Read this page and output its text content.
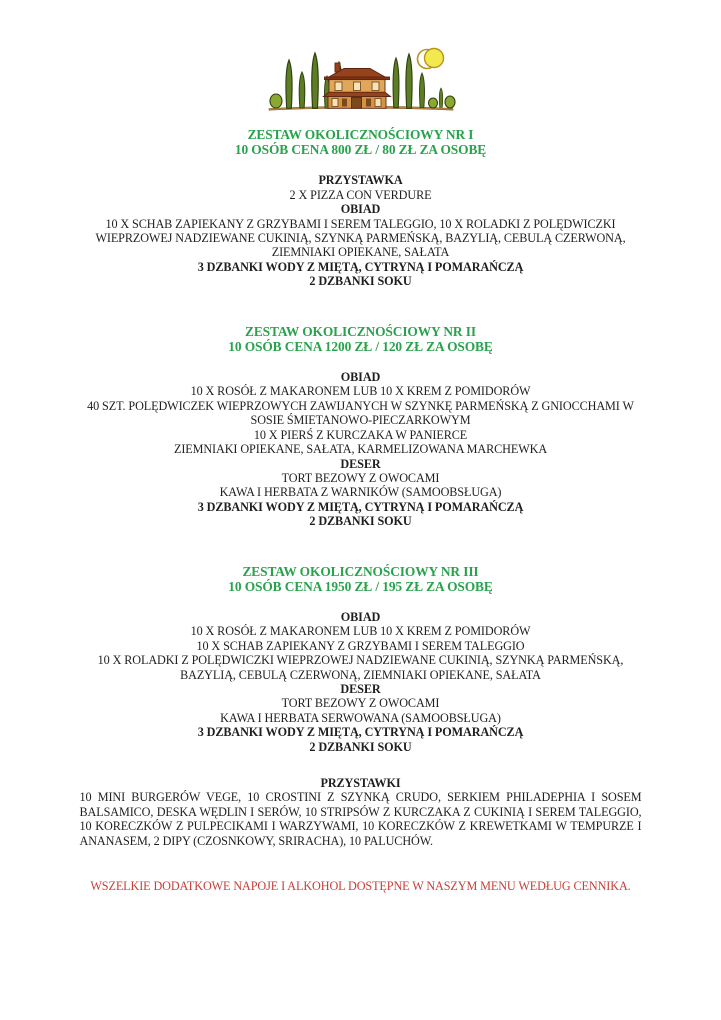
ZESTAW OKOLICZNOŚCIOWY NR I
10 OSÓB CENA 800 ZŁ / 80 ZŁ ZA OSOBĘ
PRZYSTAWKA
2 X PIZZA CON VERDURE
OBIAD
10 X SCHAB ZAPIEKANY Z GRZYBAMI I SEREM TALEGGIO, 10 X ROLADKI Z POLĘDWICZKI WIEPRZOWEJ NADZIEWANE CUKINIĄ, SZYNKĄ PARMEŃSKĄ, BAZYLIĄ, CEBULĄ CZERWONĄ, ZIEMNIAKI OPIEKANE, SAŁATA
3 DZBANKI WODY Z MIĘTĄ, CYTRYNĄ I POMARAŃCZĄ
2 DZBANKI SOKU
ZESTAW OKOLICZNOŚCIOWY NR II
10 OSÓB CENA 1200 ZŁ / 120 ZŁ ZA OSOBĘ
OBIAD
10 X ROSÓŁ Z MAKARONEM LUB 10 X KREM Z POMIDORÓW
40 SZT. POLĘDWICZEK WIEPRZOWYCH ZAWIJANYCH W SZYNKĘ PARMEŃSKĄ Z GNIOCCHAMI W SOSIE ŚMIETANOWO-PIECZARKOWYM
10 X PIERŚ Z KURCZAKA W PANIERCE
ZIEMNIAKI OPIEKANE, SAŁATA, KARMELIZOWANA MARCHEWKA
DESER
TORT BEZOWY Z OWOCAMI
KAWA I HERBATA Z WARNIKÓW (SAMOOBSŁUGA)
3 DZBANKI WODY Z MIĘTĄ, CYTRYNĄ I POMARAŃCZĄ
2 DZBANKI SOKU
ZESTAW OKOLICZNOŚCIOWY NR III
10 OSÓB CENA 1950 ZŁ / 195 ZŁ ZA OSOBĘ
OBIAD
10 X ROSÓŁ Z MAKARONEM LUB 10 X KREM Z POMIDORÓW
10 X SCHAB ZAPIEKANY Z GRZYBAMI I SEREM TALEGGIO
10 X ROLADKI Z POLĘDWICZKI WIEPRZOWEJ NADZIEWANE CUKINIĄ, SZYNKĄ PARMEŃSKĄ, BAZYLIĄ, CEBULĄ CZERWONĄ, ZIEMNIAKI OPIEKANE, SAŁATA
DESER
TORT BEZOWY Z OWOCAMI
KAWA I HERBATA SERWOWANA (SAMOOBSŁUGA)
3 DZBANKI WODY Z MIĘTĄ, CYTRYNĄ I POMARAŃCZĄ
2 DZBANKI SOKU
PRZYSTAWKI

10 MINI BURGERÓW VEGE, 10 CROSTINI Z SZYNKĄ CRUDO, SERKIEM PHILADEPHIA I SOSEM BALSAMICO, DESKA WĘDLIN I SERÓW, 10 STRIPSÓW Z KURCZAKA Z CUKINIĄ I SEREM TALEGGIO, 10 KORECZKÓW Z PULPECIKAMI I WARZYWAMI, 10 KORECZKÓW Z KREWETKAMI W TEMPURZE I ANANASEM, 2 DIPY (CZOSNKOWY, SRIRACHA), 10 PALUCHÓW.

WSZELKIE DODATKOWE NAPOJE I ALKOHOL DOSTĘPNE W NASZYM MENU WEDŁUG CENNIKA.
